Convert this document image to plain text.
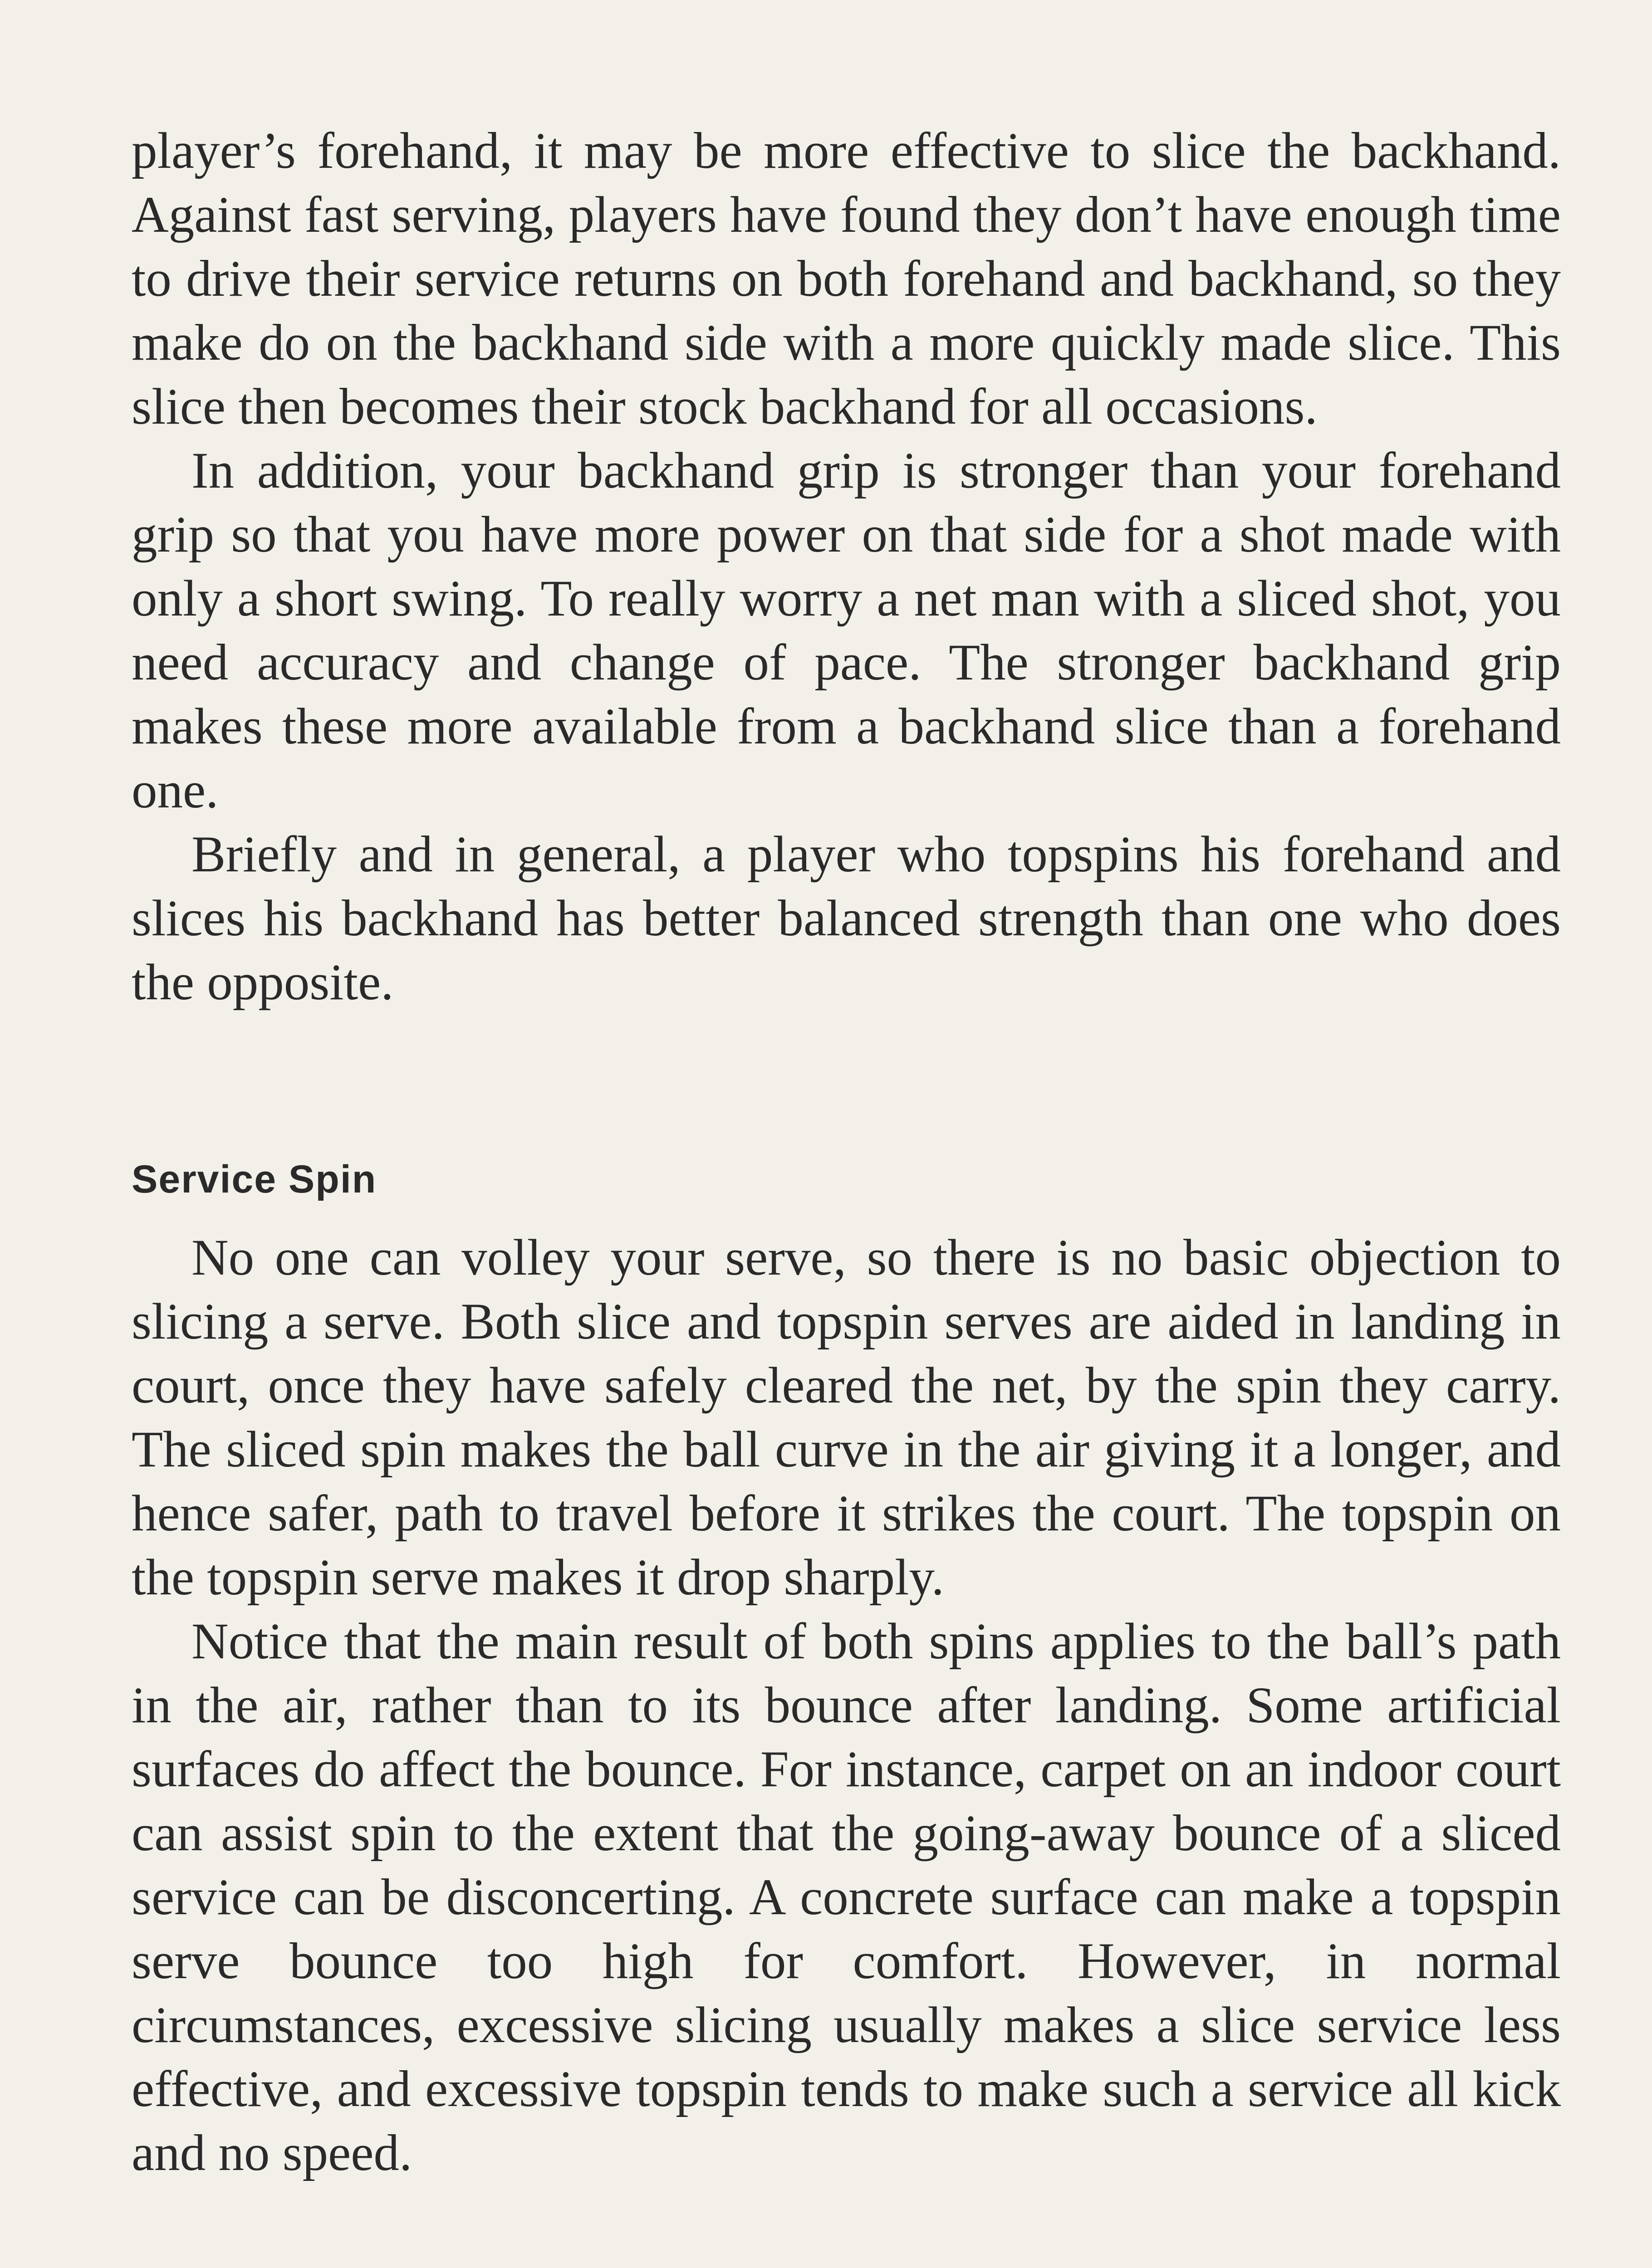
player’s forehand, it may be more effective to slice the backhand. Against fast serving, players have found they don’t have enough time to drive their service returns on both forehand and backhand, so they make do on the backhand side with a more quickly made slice. This slice then becomes their stock backhand for all occasions.

In addition, your backhand grip is stronger than your forehand grip so that you have more power on that side for a shot made with only a short swing. To really worry a net man with a sliced shot, you need accuracy and change of pace. The stronger backhand grip makes these more available from a backhand slice than a forehand one.

Briefly and in general, a player who topspins his forehand and slices his backhand has better balanced strength than one who does the opposite.

Service Spin

No one can volley your serve, so there is no basic objection to slicing a serve. Both slice and topspin serves are aided in landing in court, once they have safely cleared the net, by the spin they carry. The sliced spin makes the ball curve in the air giving it a longer, and hence safer, path to travel before it strikes the court. The topspin on the topspin serve makes it drop sharply.

Notice that the main result of both spins applies to the ball’s path in the air, rather than to its bounce after landing. Some artificial surfaces do affect the bounce. For instance, carpet on an indoor court can assist spin to the extent that the going-away bounce of a sliced service can be disconcerting. A concrete surface can make a topspin serve bounce too high for comfort. However, in normal circumstances, excessive slicing usually makes a slice service less effective, and excessive topspin tends to make such a service all kick and no speed.
